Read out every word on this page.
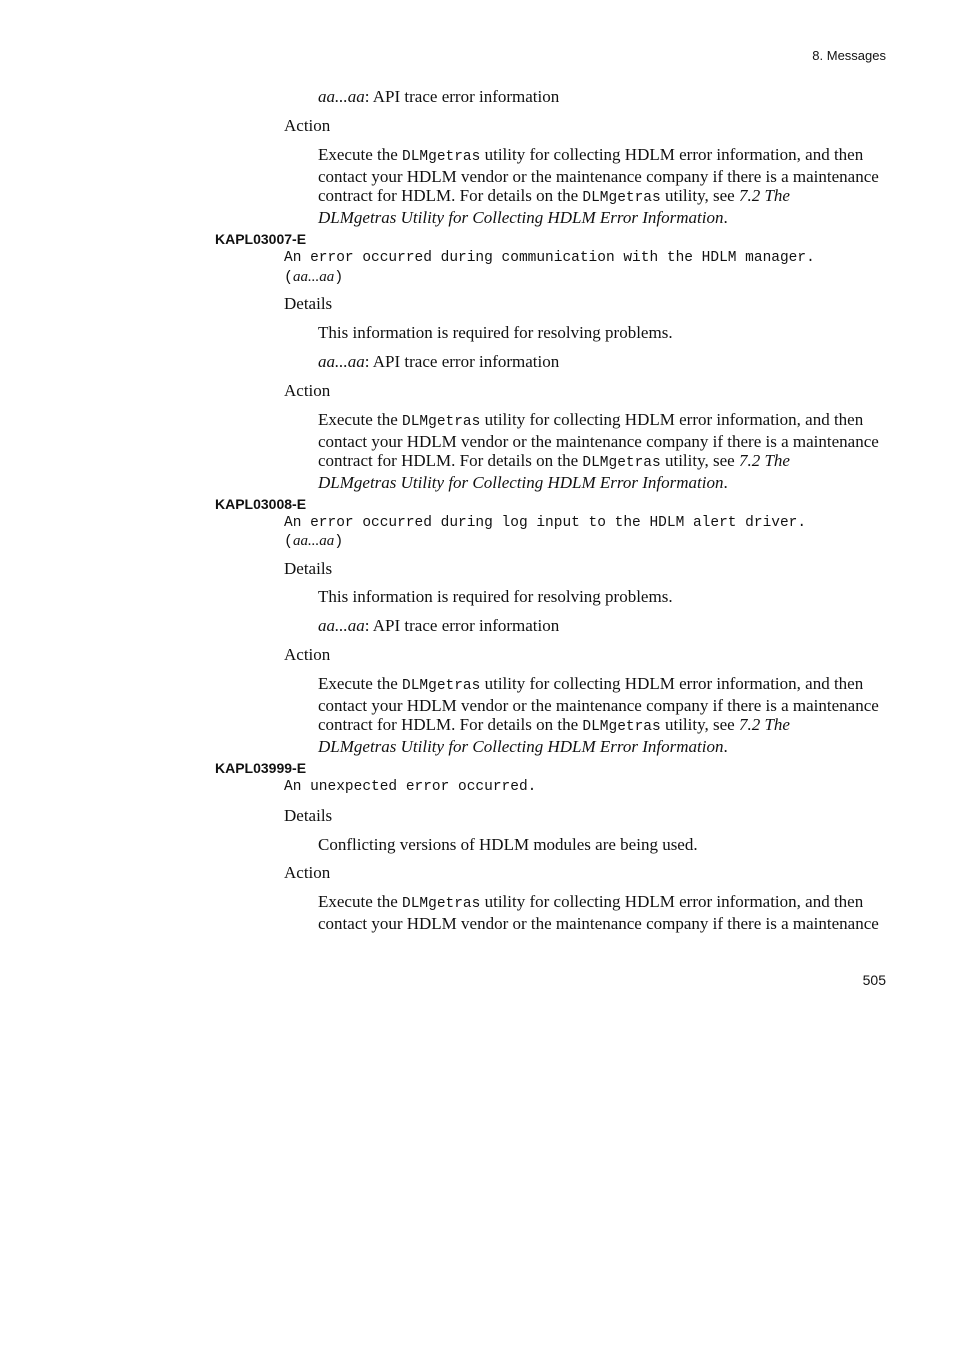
8. Messages
aa...aa: API trace error information
Action
Execute the DLMgetras utility for collecting HDLM error information, and then
contact your HDLM vendor or the maintenance company if there is a maintenance
contract for HDLM. For details on the DLMgetras utility, see 7.2 The
DLMgetras Utility for Collecting HDLM Error Information.
KAPL03007-E
An error occurred during communication with the HDLM manager.
(aa...aa)
Details
This information is required for resolving problems.
aa...aa: API trace error information
Action
Execute the DLMgetras utility for collecting HDLM error information, and then
contact your HDLM vendor or the maintenance company if there is a maintenance
contract for HDLM. For details on the DLMgetras utility, see 7.2 The
DLMgetras Utility for Collecting HDLM Error Information.
KAPL03008-E
An error occurred during log input to the HDLM alert driver.
(aa...aa)
Details
This information is required for resolving problems.
aa...aa: API trace error information
Action
Execute the DLMgetras utility for collecting HDLM error information, and then
contact your HDLM vendor or the maintenance company if there is a maintenance
contract for HDLM. For details on the DLMgetras utility, see 7.2 The
DLMgetras Utility for Collecting HDLM Error Information.
KAPL03999-E
An unexpected error occurred.
Details
Conflicting versions of HDLM modules are being used.
Action
Execute the DLMgetras utility for collecting HDLM error information, and then
contact your HDLM vendor or the maintenance company if there is a maintenance
505
